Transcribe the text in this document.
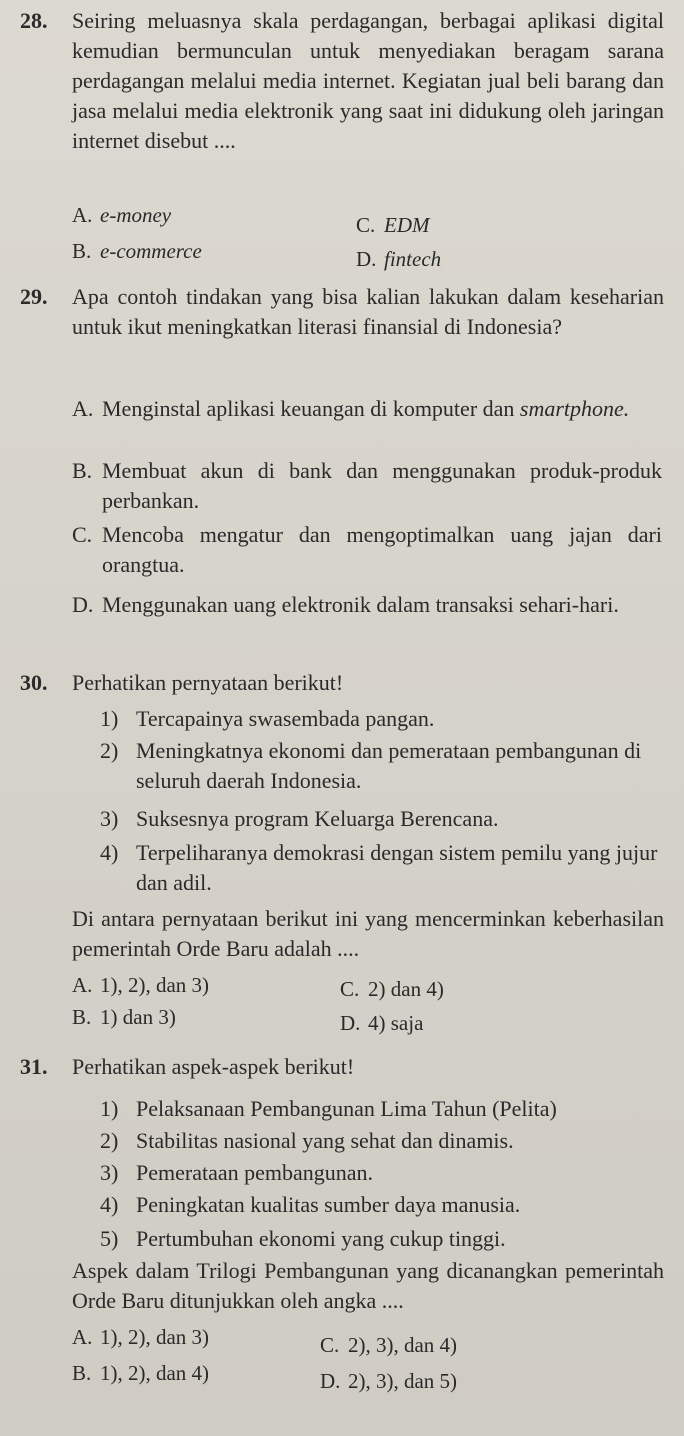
28. Seiring meluasnya skala perdagangan, berbagai aplikasi digital kemudian bermunculan untuk menyediakan beragam sarana perdagangan melalui media internet. Kegiatan jual beli barang dan jasa melalui media elektronik yang saat ini didukung oleh jaringan internet disebut ....
A. e-money
B. e-commerce
C. EDM
D. fintech
29. Apa contoh tindakan yang bisa kalian lakukan dalam keseharian untuk ikut meningkatkan literasi finansial di Indonesia?
A. Menginstal aplikasi keuangan di komputer dan smartphone.
B. Membuat akun di bank dan menggunakan produk-produk perbankan.
C. Mencoba mengatur dan mengoptimalkan uang jajan dari orangtua.
D. Menggunakan uang elektronik dalam transaksi sehari-hari.
30. Perhatikan pernyataan berikut!
1) Tercapainya swasembada pangan.
2) Meningkatnya ekonomi dan pemerataan pembangunan di seluruh daerah Indonesia.
3) Suksesnya program Keluarga Berencana.
4) Terpeliharanya demokrasi dengan sistem pemilu yang jujur dan adil.
Di antara pernyataan berikut ini yang mencerminkan keberhasilan pemerintah Orde Baru adalah ....
A. 1), 2), dan 3)
B. 1) dan 3)
C. 2) dan 4)
D. 4) saja
31. Perhatikan aspek-aspek berikut!
1) Pelaksanaan Pembangunan Lima Tahun (Pelita)
2) Stabilitas nasional yang sehat dan dinamis.
3) Pemerataan pembangunan.
4) Peningkatan kualitas sumber daya manusia.
5) Pertumbuhan ekonomi yang cukup tinggi.
Aspek dalam Trilogi Pembangunan yang dicanangkan pemerintah Orde Baru ditunjukkan oleh angka ....
A. 1), 2), dan 3)
B. 1), 2), dan 4)
C. 2), 3), dan 4)
D. 2), 3), dan 5)
